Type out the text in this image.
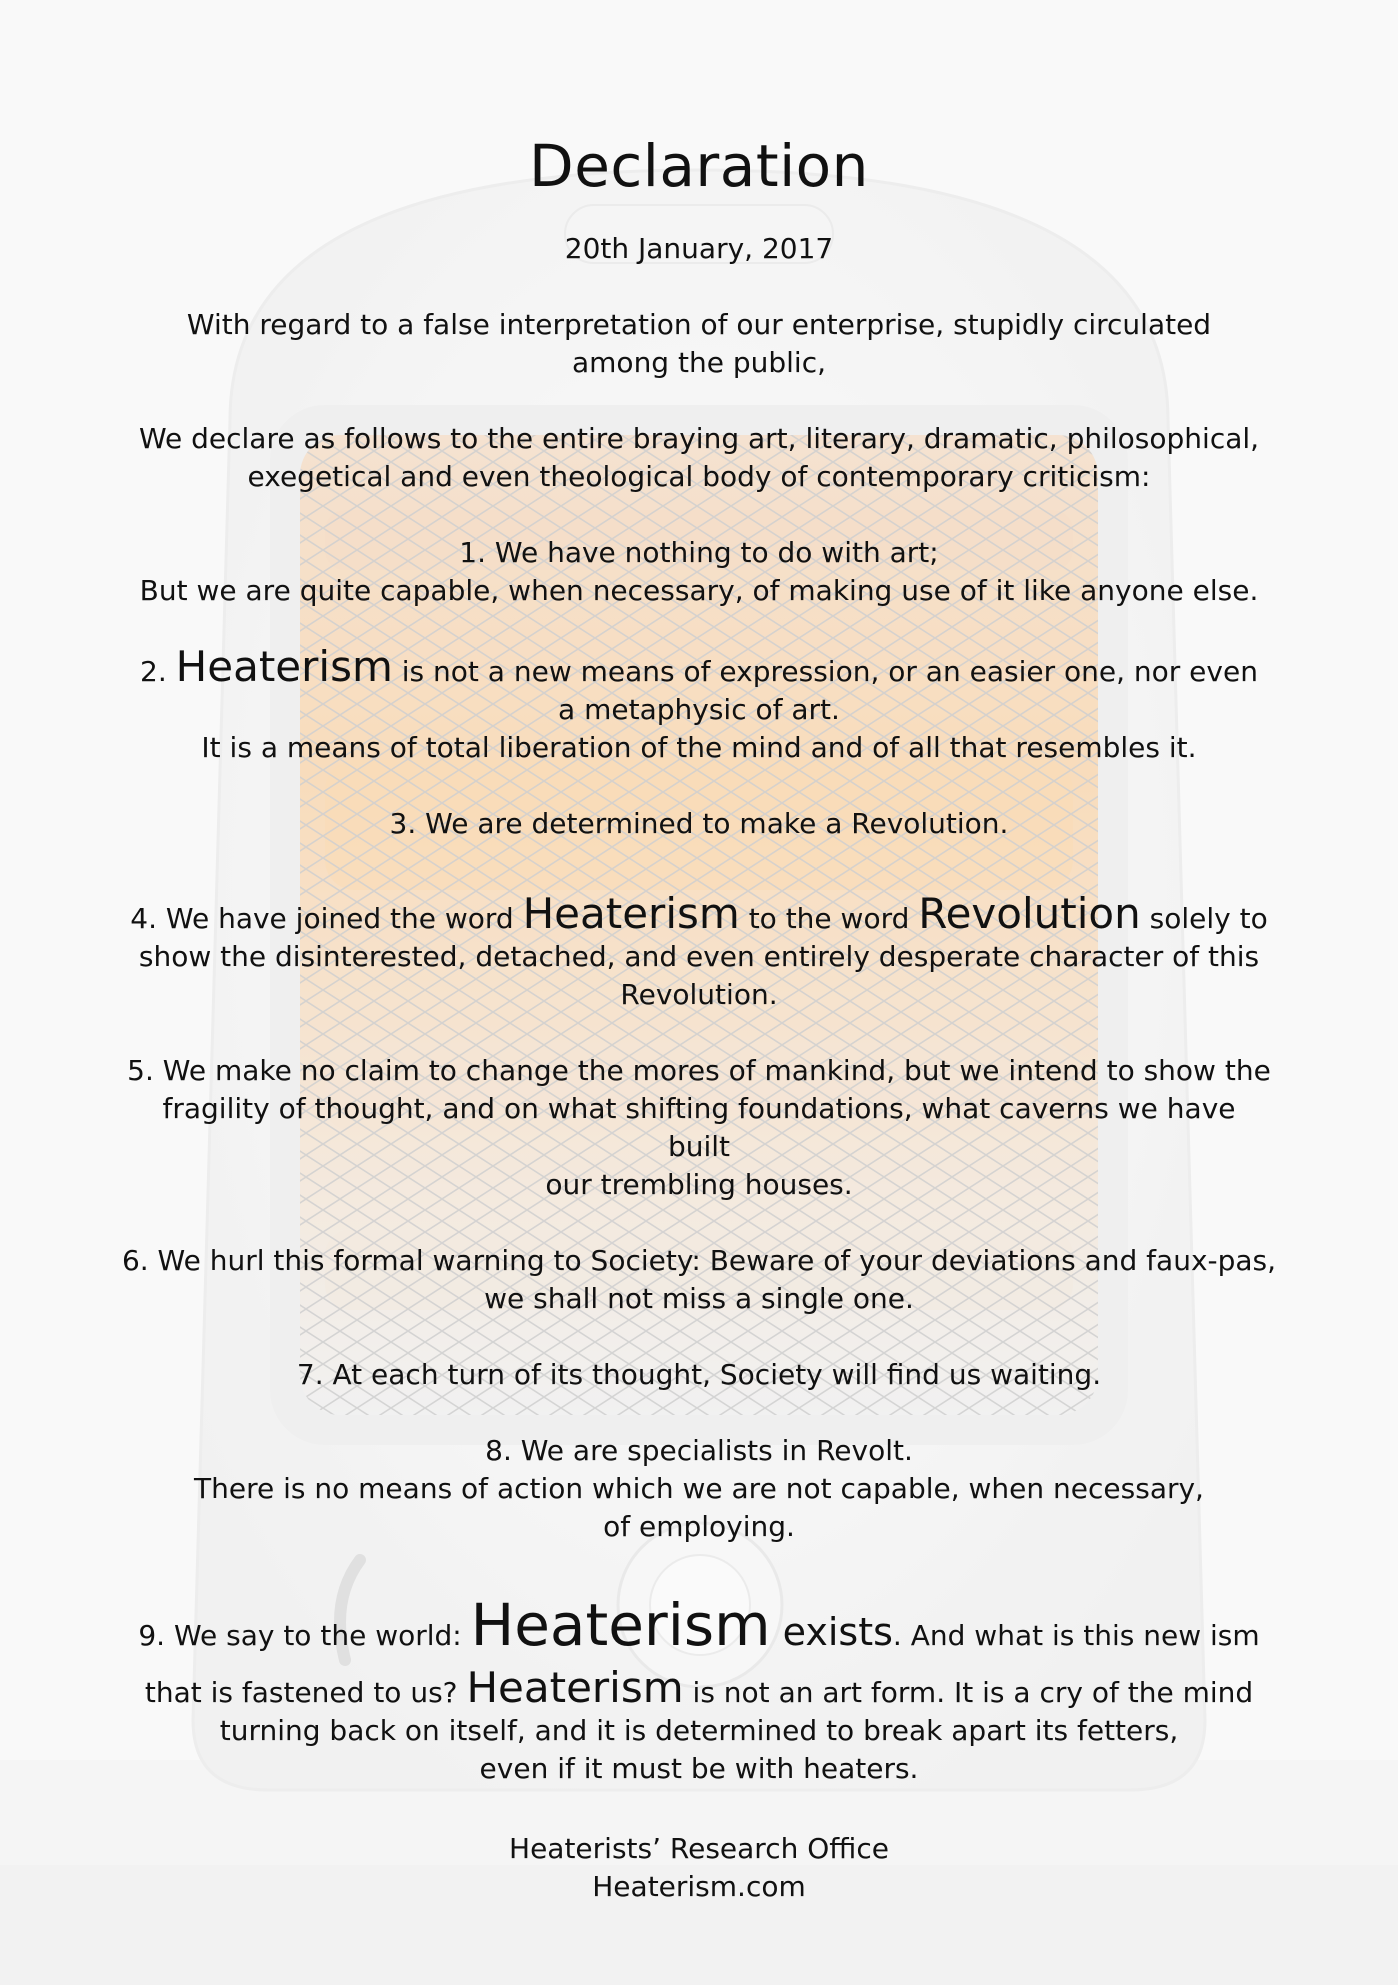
Declaration
20th January, 2017
With regard to a false interpretation of our enterprise, stupidly circulated
among the public,
We declare as follows to the entire braying art, literary, dramatic, philosophical,
exegetical and even theological body of contemporary criticism:
1. We have nothing to do with art;
But we are quite capable, when necessary, of making use of it like anyone else.
2. Heaterism is not a new means of expression, or an easier one, nor even
a metaphysic of art.
It is a means of total liberation of the mind and of all that resembles it.
3. We are determined to make a Revolution.
4. We have joined the word Heaterism to the word Revolution solely to
show the disinterested, detached, and even entirely desperate character of this
Revolution.
5. We make no claim to change the mores of mankind, but we intend to show the
fragility of thought, and on what shifting foundations, what caverns we have
built
our trembling houses.
6. We hurl this formal warning to Society: Beware of your deviations and faux-pas,
we shall not miss a single one.
7. At each turn of its thought, Society will find us waiting.
8. We are specialists in Revolt.
There is no means of action which we are not capable, when necessary,
of employing.
9. We say to the world: Heaterism exists. And what is this new ism
that is fastened to us? Heaterism is not an art form. It is a cry of the mind
turning back on itself, and it is determined to break apart its fetters,
even if it must be with heaters.
Heaterists’ Research Office
Heaterism.com
